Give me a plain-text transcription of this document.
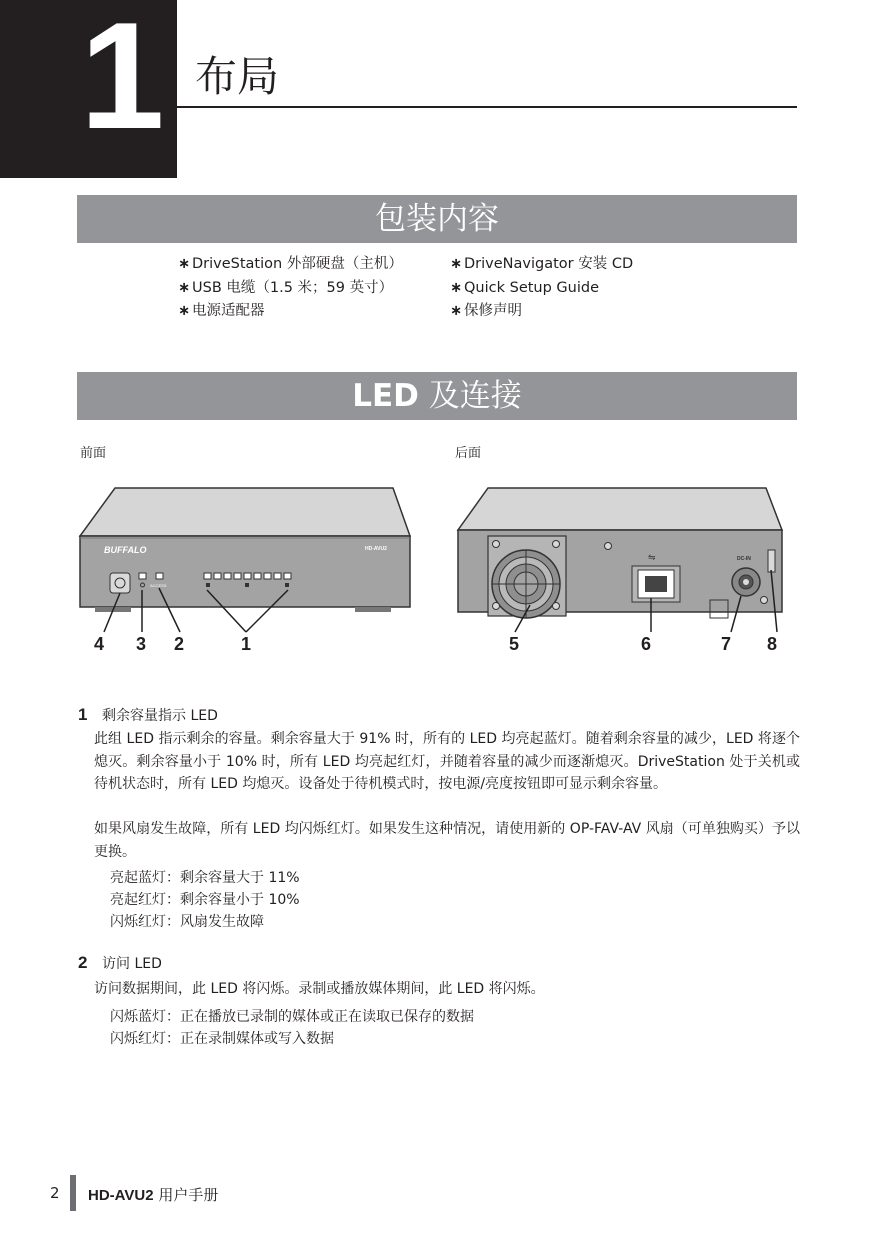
1 布局
包装内容
∗ DriveStation 外部硬盘（主机）
∗ USB 电缆（1.5 米；59 英寸）
∗ 电源适配器
∗ DriveNavigator 安装 CD
∗ Quick Setup Guide
∗ 保修声明
LED 及连接
前面	后面
BUFFALO	HD-AVU2
ACCESS
4 3 2	1
⇋	DC-IN
5	6	7 8
1 剩余容量指示 LED
此组 LED 指示剩余的容量。剩余容量大于 91% 时，所有的 LED 均亮起蓝灯。随着剩余容量的减少，LED 将逐个熄灭。剩余容量小于 10% 时，所有 LED 均亮起红灯，并随着容量的减少而逐渐熄灭。DriveStation 处于关机或待机状态时，所有 LED 均熄灭。设备处于待机模式时，按电源/亮度按钮即可显示剩余容量。
如果风扇发生故障，所有 LED 均闪烁红灯。如果发生这种情况，请使用新的 OP-FAV-AV 风扇（可单独购买）予以更换。
亮起蓝灯：剩余容量大于 11%
亮起红灯：剩余容量小于 10%
闪烁红灯：风扇发生故障
2 访问 LED
访问数据期间，此 LED 将闪烁。录制或播放媒体期间，此 LED 将闪烁。
闪烁蓝灯：正在播放已录制的媒体或正在读取已保存的数据
闪烁红灯：正在录制媒体或写入数据
2 HD-AVU2 用户手册
